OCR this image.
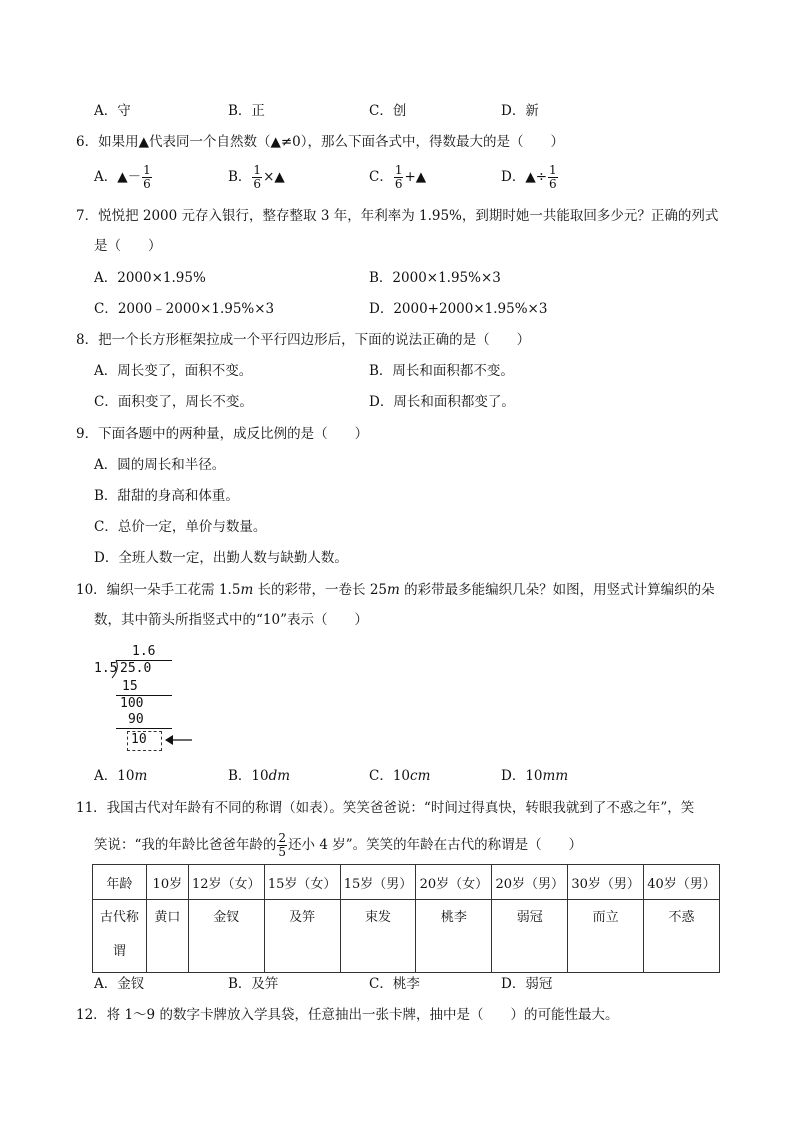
A．守	B．正	C．创	D．新
6．如果用▲代表同一个自然数（▲≠0），那么下面各式中，得数最大的是（　　）
A．▲－ $\frac{1}{6}$	B． $\frac{1}{6}$ ×▲	C． $\frac{1}{6}$ +▲	D．▲÷ $\frac{1}{6}$
7．悦悦把 2000 元存入银行，整存整取 3 年，年利率为 1.95%，到期时她一共能取回多少元？正确的列式
是（　　）
A．2000×1.95%	B．2000×1.95%×3
C．2000﹣2000×1.95%×3	D．2000+2000×1.95%×3
8．把一个长方形框架拉成一个平行四边形后，下面的说法正确的是（　　）
A．周长变了，面积不变。	B．周长和面积都不变。
C．面积变了，周长不变。	D．周长和面积都变了。
9．下面各题中的两种量，成反比例的是（　　）
A．圆的周长和半径。
B．甜甜的身高和体重。
C．总价一定，单价与数量。
D．全班人数一定，出勤人数与缺勤人数。
10．编织一朵手工花需 1.5m 长的彩带，一卷长 25m 的彩带最多能编织几朵？如图，用竖式计算编织的朵
数，其中箭头所指竖式中的“10”表示（　　）
1.6
1.5 25.0
15
100
90
10
A．10m	B．10dm	C．10cm	D．10mm
11．我国古代对年龄有不同的称谓（如表）。笑笑爸爸说：“时间过得真快，转眼我就到了不惑之年”，笑
笑说：“我的年龄比爸爸年龄的 $\frac{2}{5}$ 还小 4 岁”。笑笑的年龄在古代的称谓是（　　）
年龄	10岁	12岁（女）	15岁（女）	15岁（男）	20岁（女）	20岁（男）	30岁（男）	40岁（男）
古代称

谓	黄口	金钗	及笄	束发	桃李	弱冠	而立	不惑
A．金钗	B．及笄	C．桃李	D．弱冠
12．将 1～9 的数字卡牌放入学具袋，任意抽出一张卡牌，抽中是（　　）的可能性最大。
